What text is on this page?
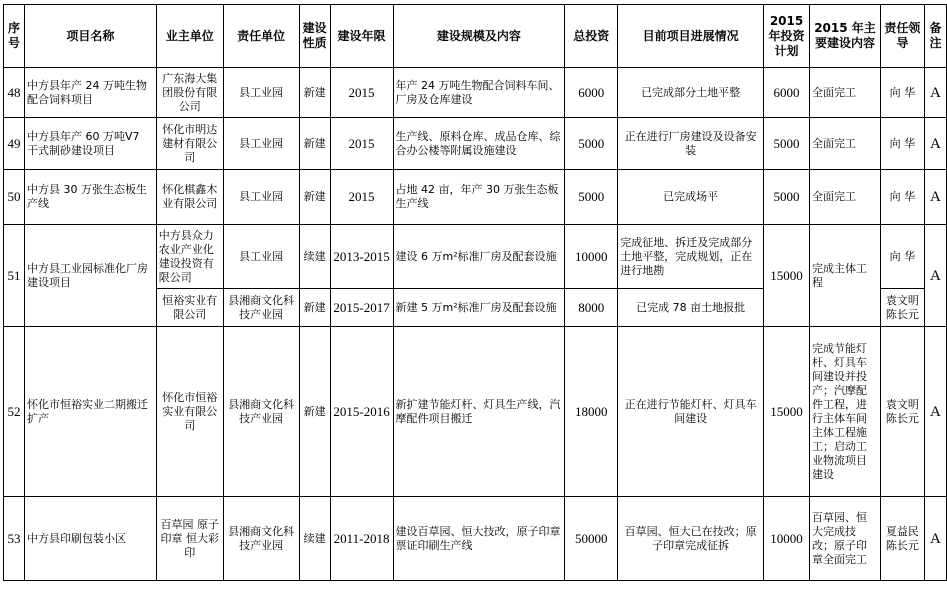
序号	项目名称	业主单位	责任单位	建设性质	建设年限	建设规模及内容	总投资	目前项目进展情况	2015 年投资计划	2015 年主要建设内容	责任领导	备注
48	中方县年产 24 万吨生物配合饲料项目	广东海大集团股份有限公司	县工业园	新建	2015	年产 24 万吨生物配合饲料车间、厂房及仓库建设	6000	已完成部分土地平整	6000	全面完工	向 华	A
49	中方县年产 60 万吨V7 干式制砂建设项目	怀化市明达建材有限公司	县工业园	新建	2015	生产线、原料仓库、成品仓库、综合办公楼等附属设施建设	5000	正在进行厂房建设及设备安装	5000	全面完工	向 华	A
50	中方县 30 万张生态板生产线	怀化棋鑫木业有限公司	县工业园	新建	2015	占地 42 亩，年产 30 万张生态板生产线	5000	已完成场平	5000	全面完工	向 华	A
51	中方县工业园标准化厂房建设项目	中方县众力农业产业化建设投资有限公司	县工业园	续建	2013-2015	建设 6 万m²标准厂房及配套设施	10000	完成征地、拆迁及完成部分土地平整，完成规划，正在进行地勘	15000	完成主体工程	向 华	A
		恒裕实业有限公司	县湘商文化科技产业园	新建	2015-2017	新建 5 万m²标准厂房及配套设施	8000	已完成 78 亩土地报批			袁文明 陈长元	
52	怀化市恒裕实业二期搬迁扩产	怀化市恒裕实业有限公司	县湘商文化科技产业园	新建	2015-2016	新扩建节能灯杆、灯具生产线，汽摩配件项目搬迁	18000	正在进行节能灯杆、灯具车间建设	15000	完成节能灯杆、灯具车间建设并投产；汽摩配件工程，进行主体车间主体工程施工；启动工业物流项目建设	袁文明 陈长元	A
53	中方县印刷包装小区	百草园 原子印章 恒大彩印	县湘商文化科技产业园	续建	2011-2018	建设百草园、恒大技改，原子印章票证印刷生产线	50000	百草园、恒大已在技改；原子印章完成征拆	10000	百草园、恒大完成技改；原子印章全面完工	夏益民 陈长元	A
